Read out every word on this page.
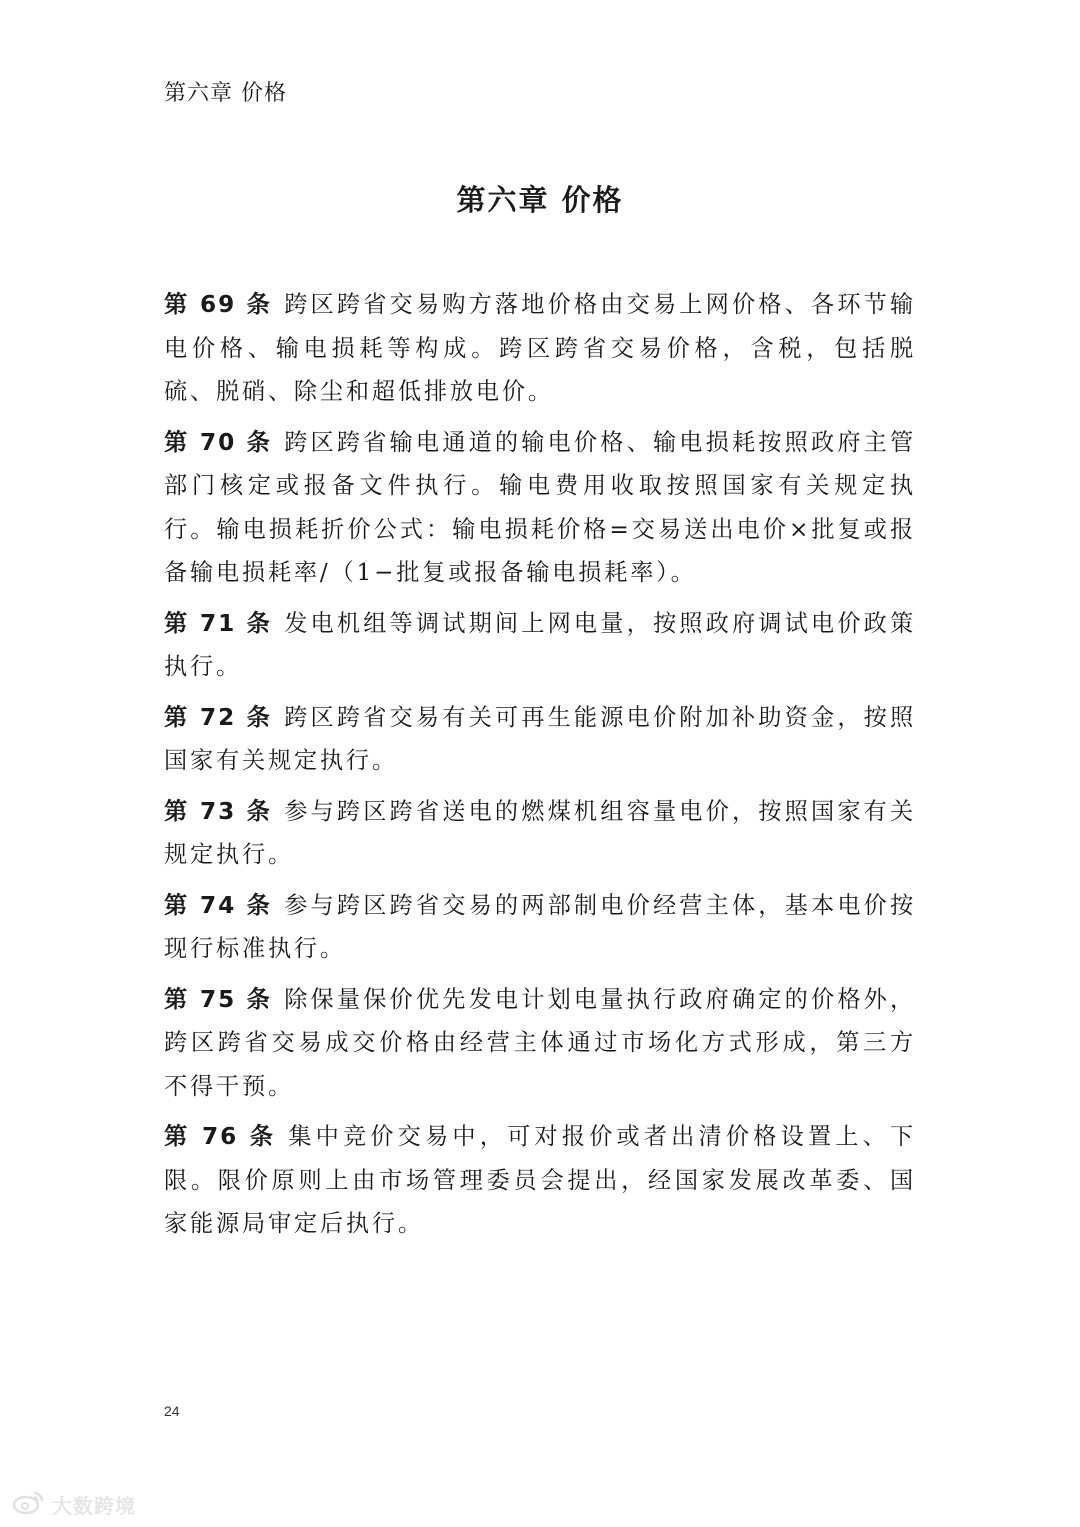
第六章 价格
第六章 价格

第 69 条 跨区跨省交易购方落地价格由交易上网价格、各环节输电价格、输电损耗等构成。跨区跨省交易价格，含税，包括脱硫、脱硝、除尘和超低排放电价。

第 70 条 跨区跨省输电通道的输电价格、输电损耗按照政府主管部门核定或报备文件执行。输电费用收取按照国家有关规定执行。输电损耗折价公式：输电损耗价格=交易送出电价×批复或报备输电损耗率/（1−批复或报备输电损耗率）。

第 71 条 发电机组等调试期间上网电量，按照政府调试电价政策执行。

第 72 条 跨区跨省交易有关可再生能源电价附加补助资金，按照国家有关规定执行。

第 73 条 参与跨区跨省送电的燃煤机组容量电价，按照国家有关规定执行。

第 74 条 参与跨区跨省交易的两部制电价经营主体，基本电价按现行标准执行。

第 75 条 除保量保价优先发电计划电量执行政府确定的价格外，跨区跨省交易成交价格由经营主体通过市场化方式形成，第三方不得干预。

第 76 条 集中竞价交易中，可对报价或者出清价格设置上、下限。限价原则上由市场管理委员会提出，经国家发展改革委、国家能源局审定后执行。

24
大数跨境
